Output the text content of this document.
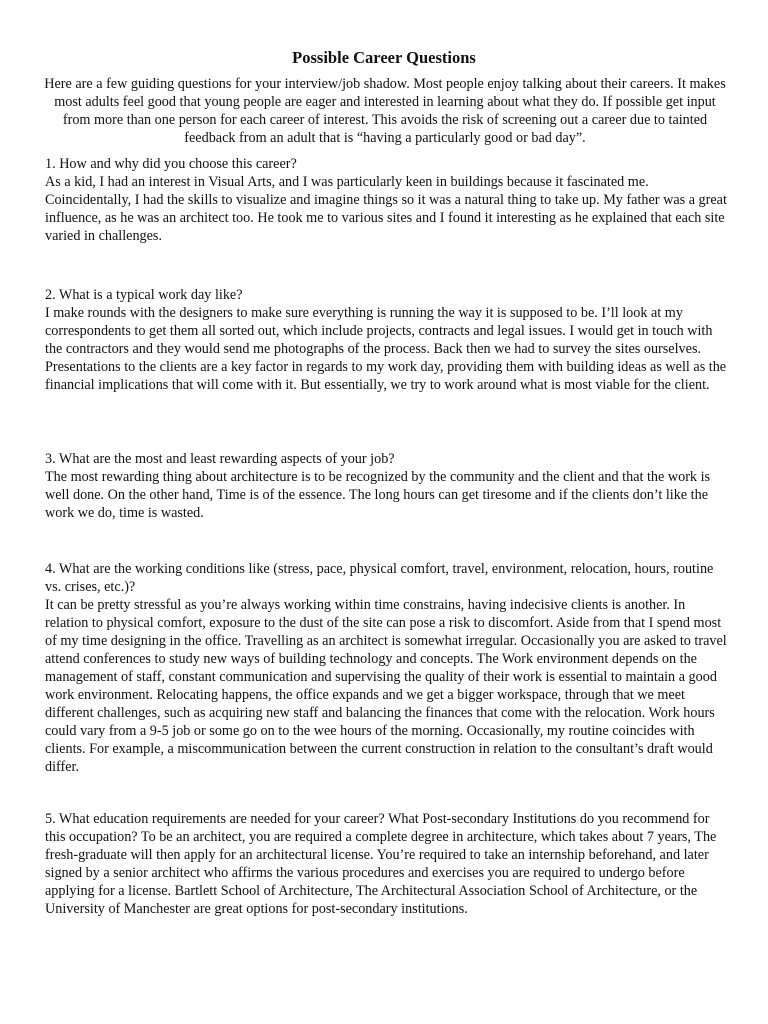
Possible Career Questions

Here are a few guiding questions for your interview/job shadow. Most people enjoy talking about their careers. It makes most adults feel good that young people are eager and interested in learning about what they do. If possible get input from more than one person for each career of interest. This avoids the risk of screening out a career due to tainted feedback from an adult that is “having a particularly good or bad day”.

1. How and why did you choose this career?

As a kid, I had an interest in Visual Arts, and I was particularly keen in buildings because it fascinated me. Coincidentally, I had the skills to visualize and imagine things so it was a natural thing to take up. My father was a great influence, as he was an architect too. He took me to various sites and I found it interesting as he explained that each site varied in challenges.

2. What is a typical work day like?

I make rounds with the designers to make sure everything is running the way it is supposed to be. I’ll look at my correspondents to get them all sorted out, which include projects, contracts and legal issues. I would get in touch with the contractors and they would send me photographs of the process. Back then we had to survey the sites ourselves. Presentations to the clients are a key factor in regards to my work day, providing them with building ideas as well as the financial implications that will come with it. But essentially, we try to work around what is most viable for the client.

3. What are the most and least rewarding aspects of your job?

The most rewarding thing about architecture is to be recognized by the community and the client and that the work is well done. On the other hand, Time is of the essence. The long hours can get tiresome and if the clients don’t like the work we do, time is wasted.

4. What are the working conditions like (stress, pace, physical comfort, travel, environment, relocation, hours, routine vs. crises, etc.)?

It can be pretty stressful as you’re always working within time constrains, having indecisive clients is another. In relation to physical comfort, exposure to the dust of the site can pose a risk to discomfort. Aside from that I spend most of my time designing in the office. Travelling as an architect is somewhat irregular. Occasionally you are asked to travel attend conferences to study new ways of building technology and concepts. The Work environment depends on the management of staff, constant communication and supervising the quality of their work is essential to maintain a good work environment. Relocating happens, the office expands and we get a bigger workspace, through that we meet different challenges, such as acquiring new staff and balancing the finances that come with the relocation. Work hours could vary from a 9-5 job or some go on to the wee hours of the morning. Occasionally, my routine coincides with clients. For example, a miscommunication between the current construction in relation to the consultant’s draft would differ.

5. What education requirements are needed for your career? What Post-secondary Institutions do you recommend for this occupation? To be an architect, you are required a complete degree in architecture, which takes about 7 years, The fresh-graduate will then apply for an architectural license. You’re required to take an internship beforehand, and later signed by a senior architect who affirms the various procedures and exercises you are required to undergo before applying for a license. Bartlett School of Architecture, The Architectural Association School of Architecture, or the University of Manchester are great options for post-secondary institutions.
